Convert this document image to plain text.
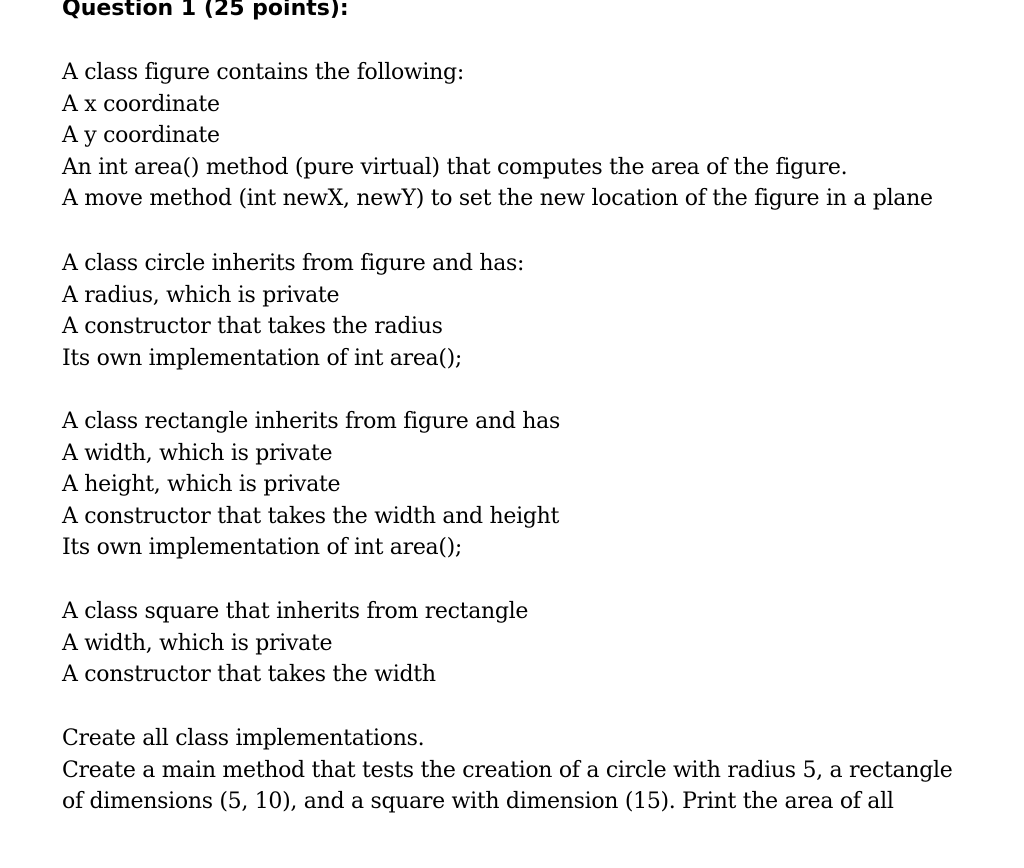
Question 1 (25 points):
A class figure contains the following:
A x coordinate
A y coordinate
An int area() method (pure virtual) that computes the area of the figure.
A move method (int newX, newY) to set the new location of the figure in a plane
A class circle inherits from figure and has:
A radius, which is private
A constructor that takes the radius
Its own implementation of int area();
A class rectangle inherits from figure and has
A width, which is private
A height, which is private
A constructor that takes the width and height
Its own implementation of int area();
A class square that inherits from rectangle
A width, which is private
A constructor that takes the width
Create all class implementations.
Create a main method that tests the creation of a circle with radius 5, a rectangle
of dimensions (5, 10), and a square with dimension (15). Print the area of all
